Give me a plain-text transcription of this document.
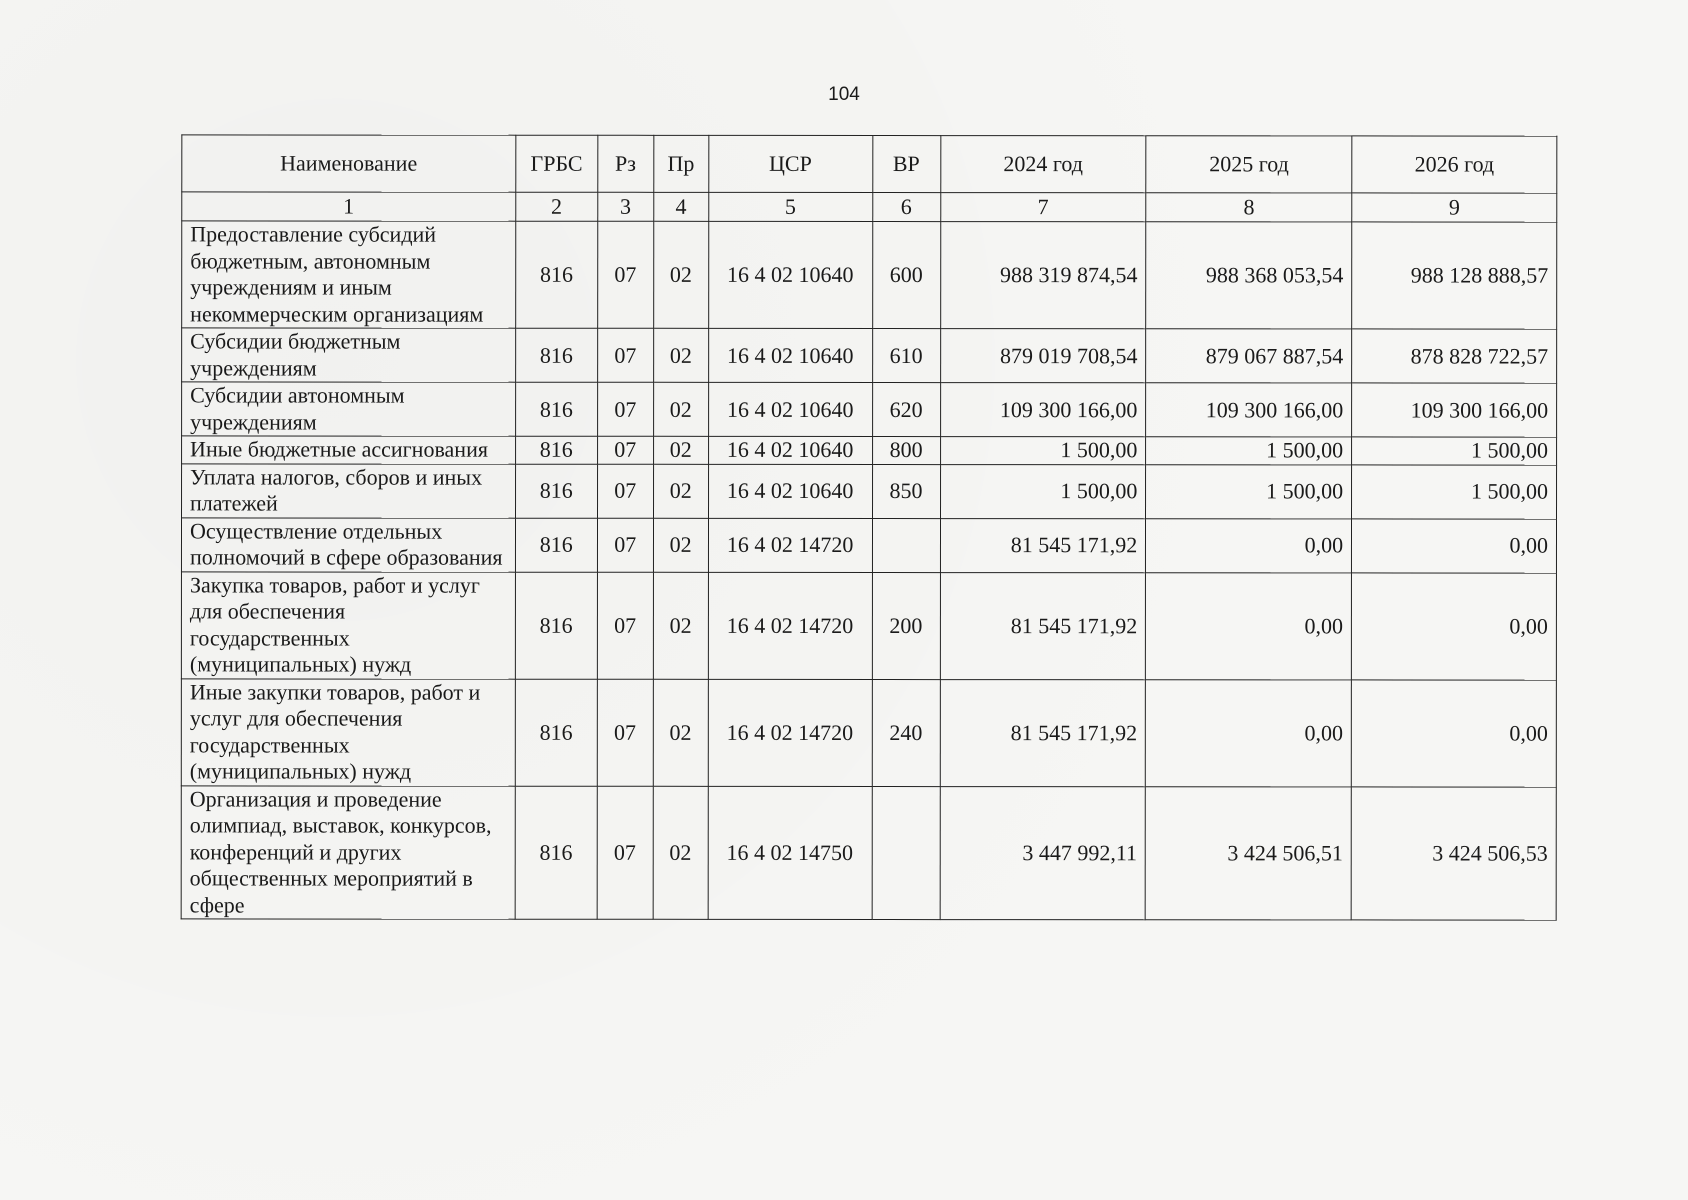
104
Наименование	ГРБС	Рз	Пр	ЦСР	ВР	2024 год	2025 год	2026 год
1	2	3	4	5	6	7	8	9
Предоставление субсидий бюджетным, автономным учреждениям и иным некоммерческим организациям	816	07	02	16 4 02 10640	600	988 319 874,54	988 368 053,54	988 128 888,57
Субсидии бюджетным учреждениям	816	07	02	16 4 02 10640	610	879 019 708,54	879 067 887,54	878 828 722,57
Субсидии автономным учреждениям	816	07	02	16 4 02 10640	620	109 300 166,00	109 300 166,00	109 300 166,00
Иные бюджетные ассигнования	816	07	02	16 4 02 10640	800	1 500,00	1 500,00	1 500,00
Уплата налогов, сборов и иных платежей	816	07	02	16 4 02 10640	850	1 500,00	1 500,00	1 500,00
Осуществление отдельных полномочий в сфере образования	816	07	02	16 4 02 14720		81 545 171,92	0,00	0,00
Закупка товаров, работ и услуг для обеспечения государственных (муниципальных) нужд	816	07	02	16 4 02 14720	200	81 545 171,92	0,00	0,00
Иные закупки товаров, работ и услуг для обеспечения государственных (муниципальных) нужд	816	07	02	16 4 02 14720	240	81 545 171,92	0,00	0,00
Организация и проведение олимпиад, выставок, конкурсов, конференций и других общественных мероприятий в сфере	816	07	02	16 4 02 14750		3 447 992,11	3 424 506,51	3 424 506,53
